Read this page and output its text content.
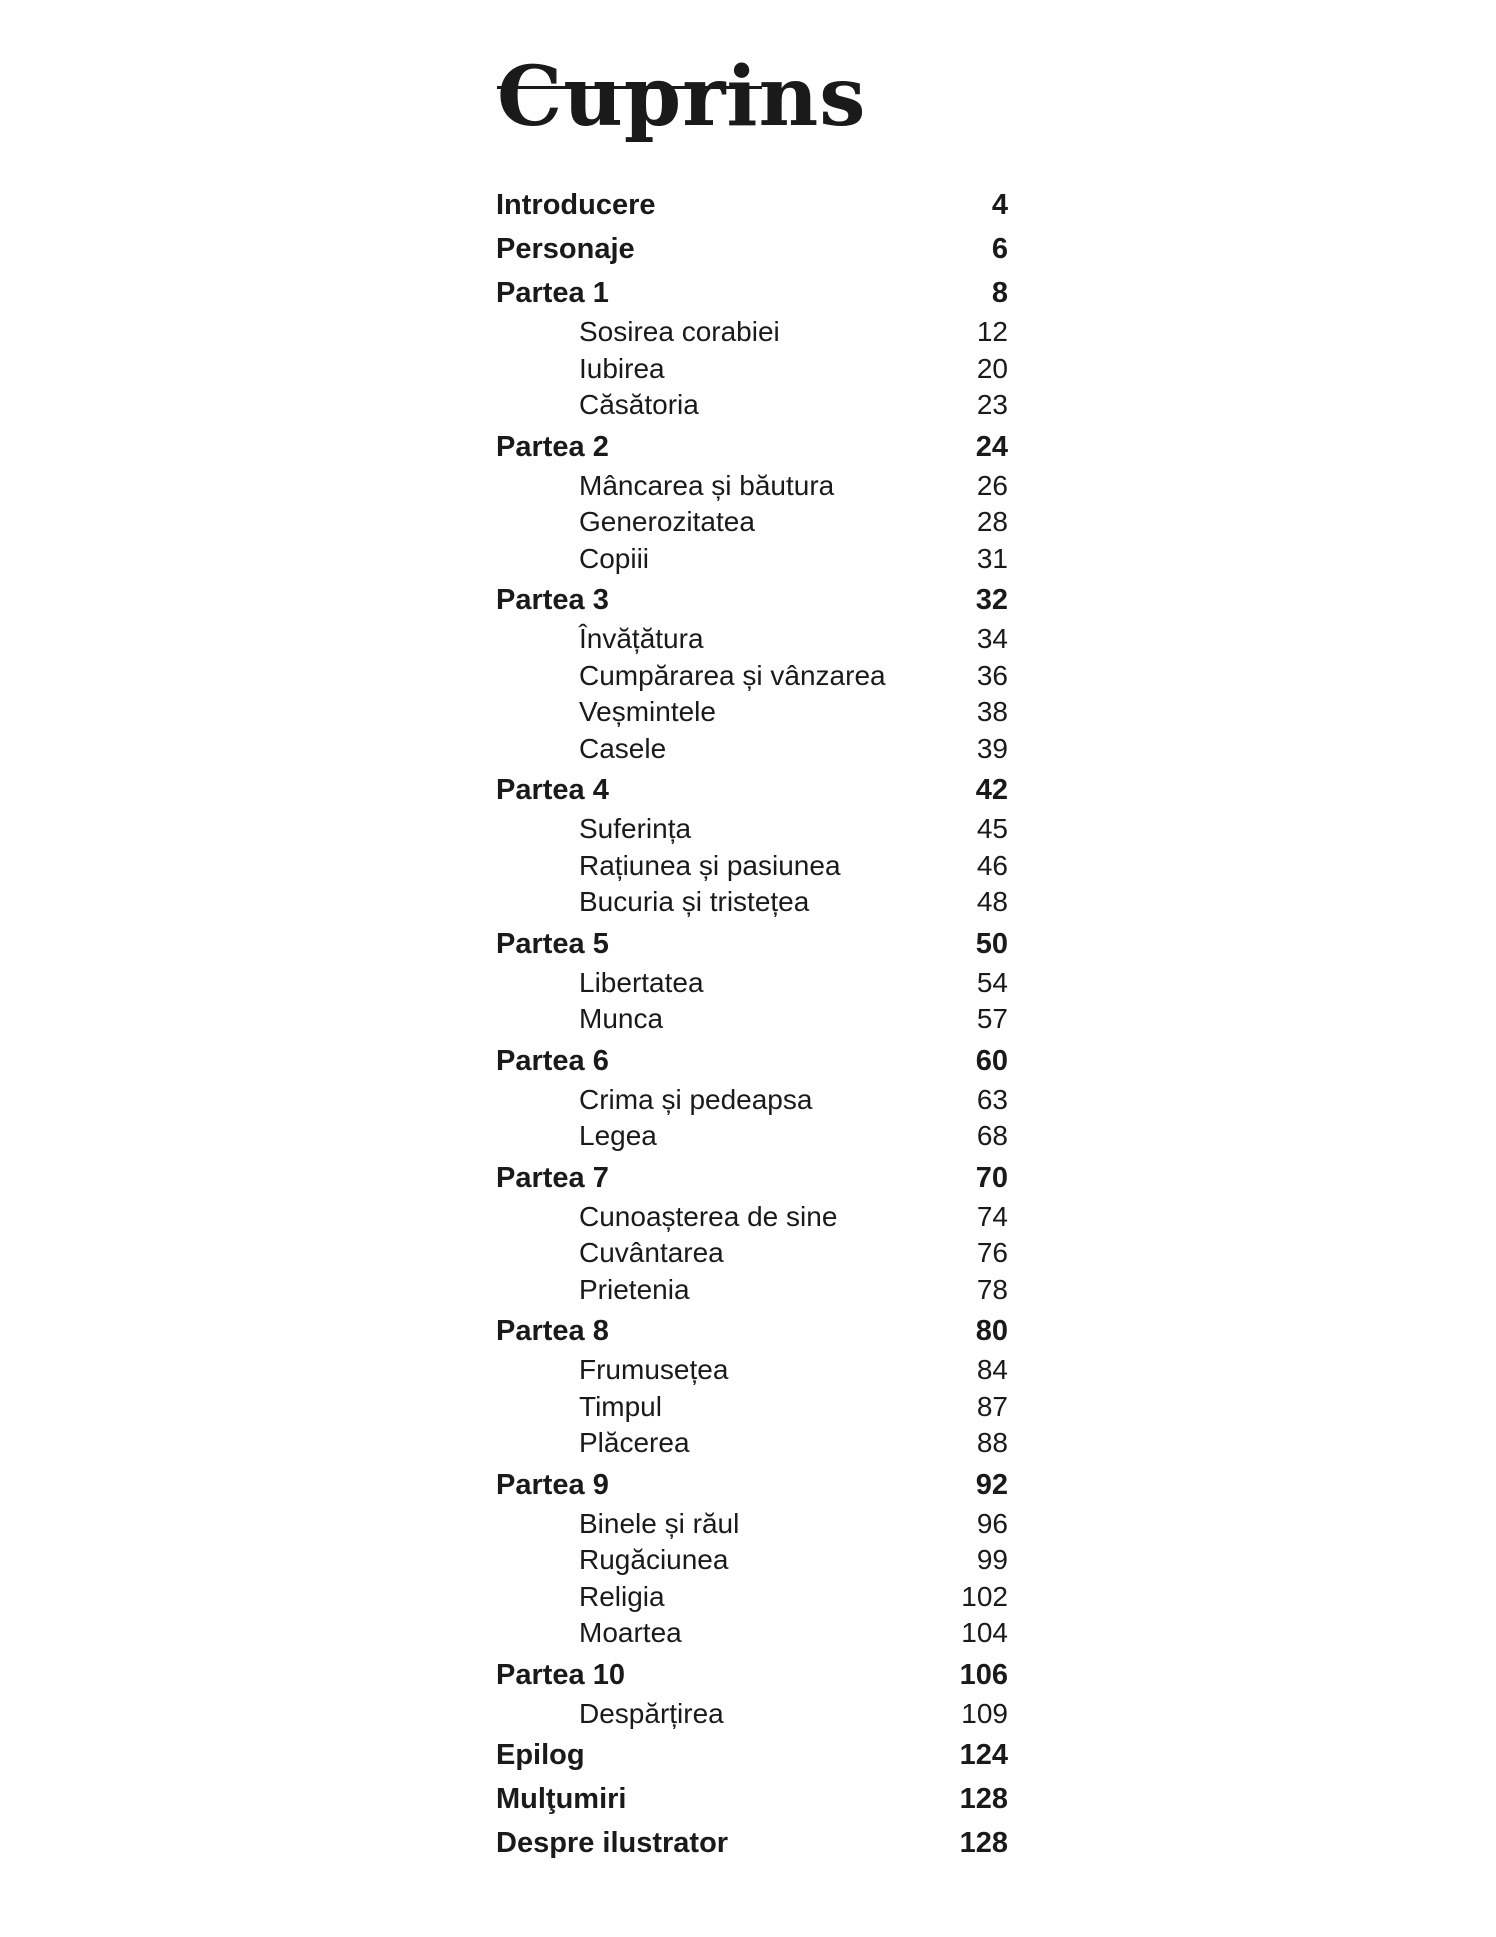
Cuprins
Introducere	4
Personaje	6
Partea 1	8
Sosirea corabiei	12
Iubirea	20
Căsătoria	23
Partea 2	24
Mâncarea și băutura	26
Generozitatea	28
Copiii	31
Partea 3	32
Învățătura	34
Cumpărarea și vânzarea	36
Veșmintele	38
Casele	39
Partea 4	42
Suferința	45
Rațiunea și pasiunea	46
Bucuria și tristețea	48
Partea 5	50
Libertatea	54
Munca	57
Partea 6	60
Crima și pedeapsa	63
Legea	68
Partea 7	70
Cunoașterea de sine	74
Cuvântarea	76
Prietenia	78
Partea 8	80
Frumusețea	84
Timpul	87
Plăcerea	88
Partea 9	92
Binele și răul	96
Rugăciunea	99
Religia	102
Moartea	104
Partea 10	106
Despărțirea	109
Epilog	124
Mulţumiri	128
Despre ilustrator	128
